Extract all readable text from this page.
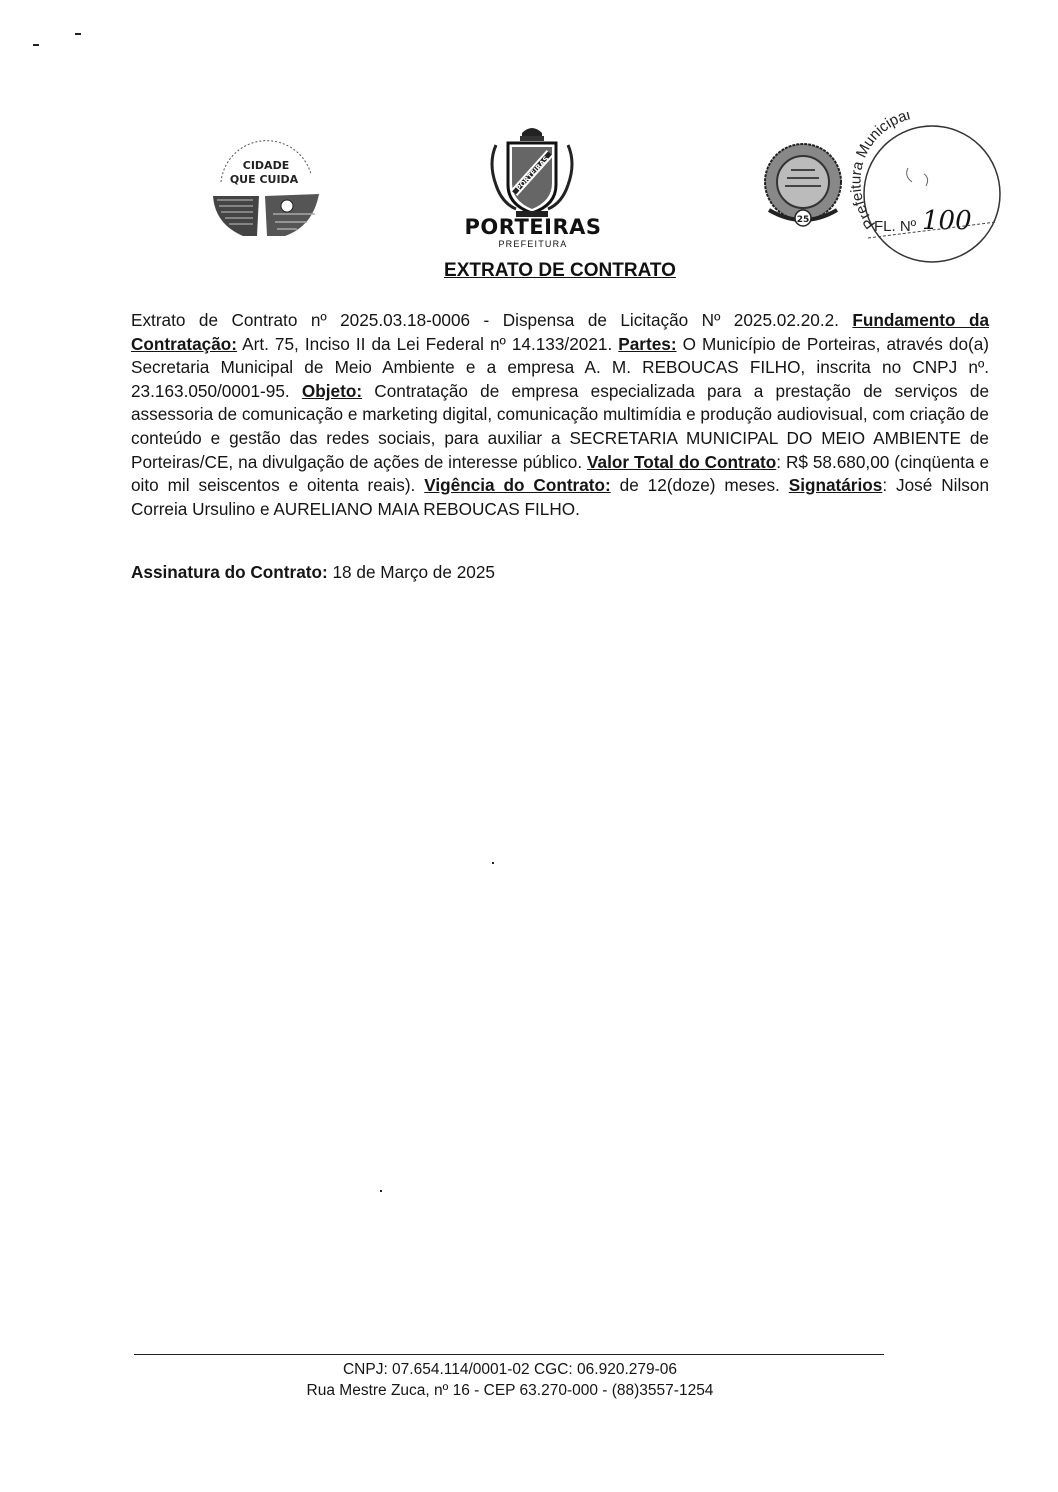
CIDADE
QUE CUIDA	PORTEIRAS
PORTEIRAS
PREFEITURA
25	Prefeitura Municipal
FL. Nº 100
EXTRATO DE CONTRATO
Extrato de Contrato nº 2025.03.18-0006 - Dispensa de Licitação Nº 2025.02.20.2. Fundamento da Contratação: Art. 75, Inciso II da Lei Federal nº 14.133/2021. Partes: O Município de Porteiras, através do(a) Secretaria Municipal de Meio Ambiente e a empresa A. M. REBOUCAS FILHO, inscrita no CNPJ nº. 23.163.050/0001-95. Objeto: Contratação de empresa especializada para a prestação de serviços de assessoria de comunicação e marketing digital, comunicação multimídia e produção audiovisual, com criação de conteúdo e gestão das redes sociais, para auxiliar a SECRETARIA MUNICIPAL DO MEIO AMBIENTE de Porteiras/CE, na divulgação de ações de interesse público. Valor Total do Contrato: R$ 58.680,00 (cinqüenta e oito mil seiscentos e oitenta reais). Vigência do Contrato: de 12(doze) meses. Signatários: José Nilson Correia Ursulino e AURELIANO MAIA REBOUCAS FILHO.
Assinatura do Contrato: 18 de Março de 2025
CNPJ: 07.654.114/0001-02 CGC: 06.920.279-06
Rua Mestre Zuca, nº 16 - CEP 63.270-000 - (88)3557-1254
